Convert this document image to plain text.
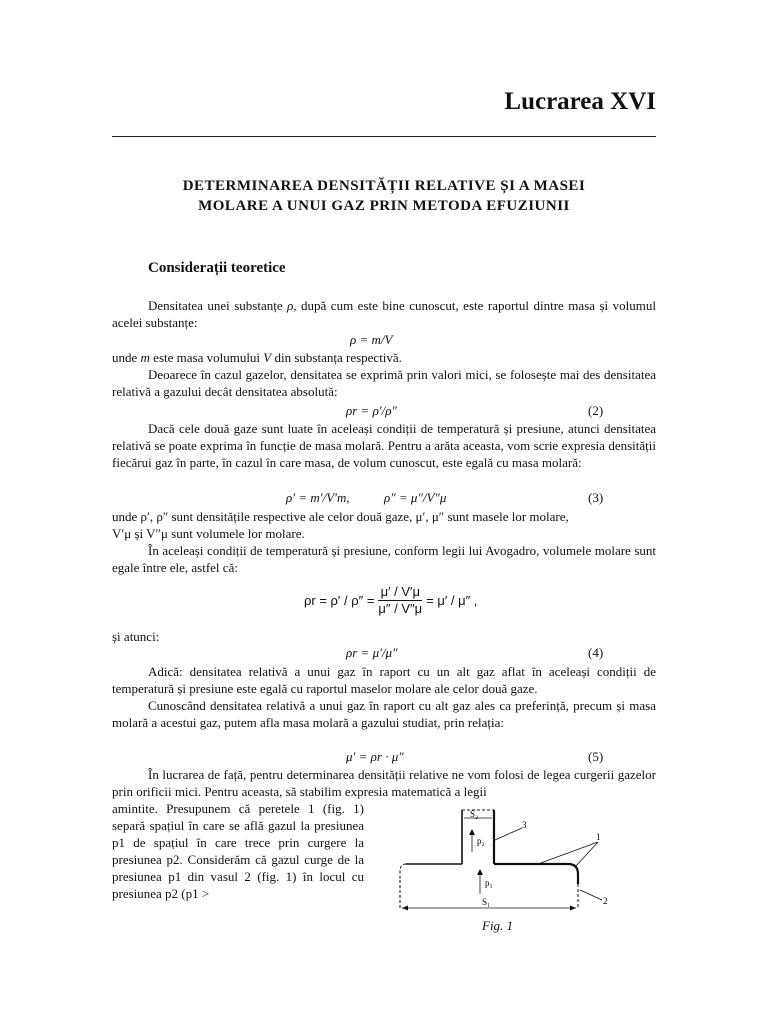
Lucrarea XVI
DETERMINAREA DENSITĂȚII RELATIVE ȘI A MASEI
MOLARE A UNUI GAZ PRIN METODA EFUZIUNII
Considerații teoretice
Densitatea unei substanțe ρ, după cum este bine cunoscut, este raportul dintre masa și volumul acelei substanțe:
ρ = m/V
unde m este masa volumului V din substanța respectivă.
Deoarece în cazul gazelor, densitatea se exprimă prin valori mici, se folosește mai des densitatea relativă a gazului decât densitatea absolută:
ρr = ρ′/ρ″	(2)
Dacă cele două gaze sunt luate în aceleași condiții de temperatură și presiune, atunci densitatea relativă se poate exprima în funcție de masa molară. Pentru a arăta aceasta, vom scrie expresia densității fiecărui gaz în parte, în cazul în care masa, de volum cunoscut, este egală cu masa molară:
ρ′ = m′/V′m,	ρ″ = μ″/V″μ	(3)
unde ρ′, ρ″ sunt densitățile respective ale celor două gaze, μ′, μ″ sunt masele lor molare,
V′μ și V″μ sunt volumele lor molare.
În aceleași condiții de temperatură și presiune, conform legii lui Avogadro, volumele molare sunt egale între ele, astfel că:
$\rho r = \rho' / \rho'' = \frac{\mu' / V'\mu}{\mu'' / V''\mu} = \mu' / \mu''$ ,
și atunci:
ρr = μ′/μ″	(4)
Adică: densitatea relativă a unui gaz în raport cu un alt gaz aflat în aceleași condiții de temperatură și presiune este egală cu raportul maselor molare ale celor două gaze.
Cunoscând densitatea relativă a unui gaz în raport cu alt gaz ales ca preferință, precum și masa molară a acestui gaz, putem afla masa molară a gazului studiat, prin relația:
μ′ = ρr · μ″	(5)
În lucrarea de față, pentru determinarea densității relative ne vom folosi de legea curgerii gazelor prin orificii mici. Pentru aceasta, să stabilim expresia matematică a legii
amintite. Presupunem că peretele 1 (fig. 1) separă spațiul în care se află gazul la presiunea p1 de spațiul în care trece prin curgere la presiunea p2. Considerăm că gazul curge de la presiunea p1 din vasul 2 (fig. 1) în locul cu presiunea p2 (p1 >
S₂
p₂
p₁
S₁
1
2
3
Fig. 1
